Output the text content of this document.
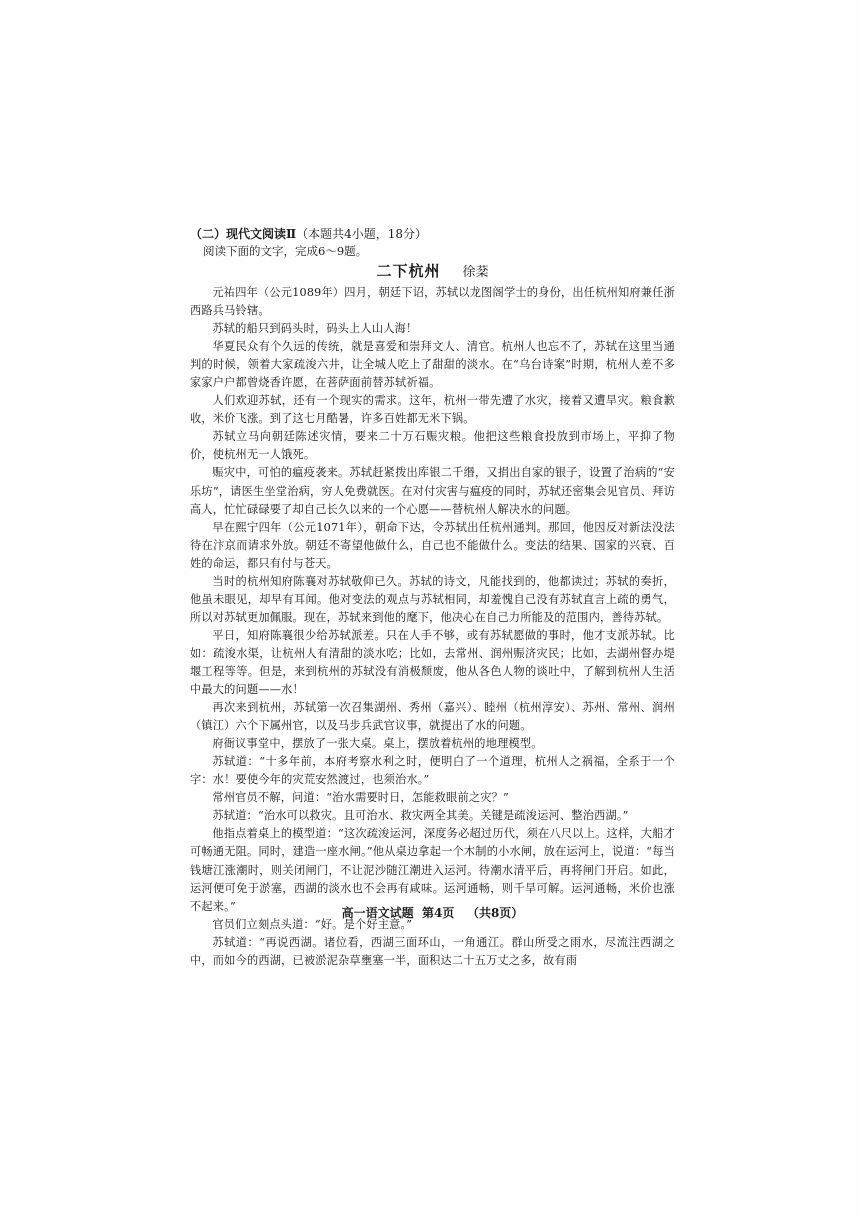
（二）现代文阅读Ⅱ（本题共4小题，18分）

阅读下面的文字，完成6～9题。

二下杭州 徐棻

元祐四年（公元1089年）四月，朝廷下诏，苏轼以龙图阁学士的身份，出任杭州知府兼任浙西路兵马铃辖。

苏轼的船只到码头时，码头上人山人海！

华夏民众有个久远的传统，就是喜爱和崇拜文人、清官。杭州人也忘不了，苏轼在这里当通判的时候，领着大家疏浚六井，让全城人吃上了甜甜的淡水。在“乌台诗案”时期，杭州人差不多家家户户都曾烧香许愿，在菩萨面前替苏轼祈福。

人们欢迎苏轼，还有一个现实的需求。这年，杭州一带先遭了水灾，接着又遭旱灾。粮食歉收，米价飞涨。到了这七月酷暑，许多百姓都无米下锅。

苏轼立马向朝廷陈述灾情，要来二十万石赈灾粮。他把这些粮食投放到市场上，平抑了物价，使杭州无一人饿死。

赈灾中，可怕的瘟疫袭来。苏轼赶紧拨出库银二千缗，又捐出自家的银子，设置了治病的“安乐坊”，请医生坐堂治病，穷人免费就医。在对付灾害与瘟疫的同时，苏轼还密集会见官员、拜访高人，忙忙碌碌要了却自己长久以来的一个心愿——替杭州人解决水的问题。

早在熙宁四年（公元1071年），朝命下达，令苏轼出任杭州通判。那回，他因反对新法没法待在汴京而请求外放。朝廷不寄望他做什么，自己也不能做什么。变法的结果、国家的兴衰、百姓的命运，都只有付与苍天。

当时的杭州知府陈襄对苏轼敬仰已久。苏轼的诗文，凡能找到的，他都读过；苏轼的奏折，他虽未眼见，却早有耳闻。他对变法的观点与苏轼相同，却羞愧自己没有苏轼直言上疏的勇气，所以对苏轼更加佩服。现在，苏轼来到他的麾下，他决心在自己力所能及的范围内，善待苏轼。

平日，知府陈襄很少给苏轼派差。只在人手不够，或有苏轼愿做的事时，他才支派苏轼。比如：疏浚水渠，让杭州人有清甜的淡水吃；比如，去常州、润州赈济灾民；比如，去湖州督办堤堰工程等等。但是，来到杭州的苏轼没有消极颓废，他从各色人物的谈吐中，了解到杭州人生活中最大的问题——水！

再次来到杭州，苏轼第一次召集湖州、秀州（嘉兴）、睦州（杭州淳安）、苏州、常州、润州（镇江）六个下属州官，以及马步兵武官议事，就提出了水的问题。

府衙议事堂中，摆放了一张大桌。桌上，摆放着杭州的地理模型。

苏轼道：“十多年前，本府考察水利之时，便明白了一个道理，杭州人之祸福，全系于一个字：水！要使今年的灾荒安然渡过，也须治水。”

常州官员不解，问道：“治水需要时日，怎能救眼前之灾？”

苏轼道：“治水可以救灾。且可治水、救灾两全其美。关键是疏浚运河、整治西湖。”

他指点着桌上的模型道：“这次疏浚运河，深度务必超过历代，须在八尺以上。这样，大船才可畅通无阻。同时，建造一座水闸。”他从桌边拿起一个木制的小水闸，放在运河上，说道：“每当钱塘江涨潮时，则关闭闸门，不让泥沙随江潮进入运河。待潮水清平后，再将闸门开启。如此，运河便可免于淤塞，西湖的淡水也不会再有咸味。运河通畅，则千旱可解。运河通畅，米价也涨不起来。”

官员们立刻点头道：“好。是个好主意。”

苏轼道：“再说西湖。诸位看，西湖三面环山，一角通江。群山所受之雨水，尽流注西湖之中，而如今的西湖，已被淤泥杂草壅塞一半，面积达二十五万丈之多，故有雨

高一语文试题 第4页 （共8页）
